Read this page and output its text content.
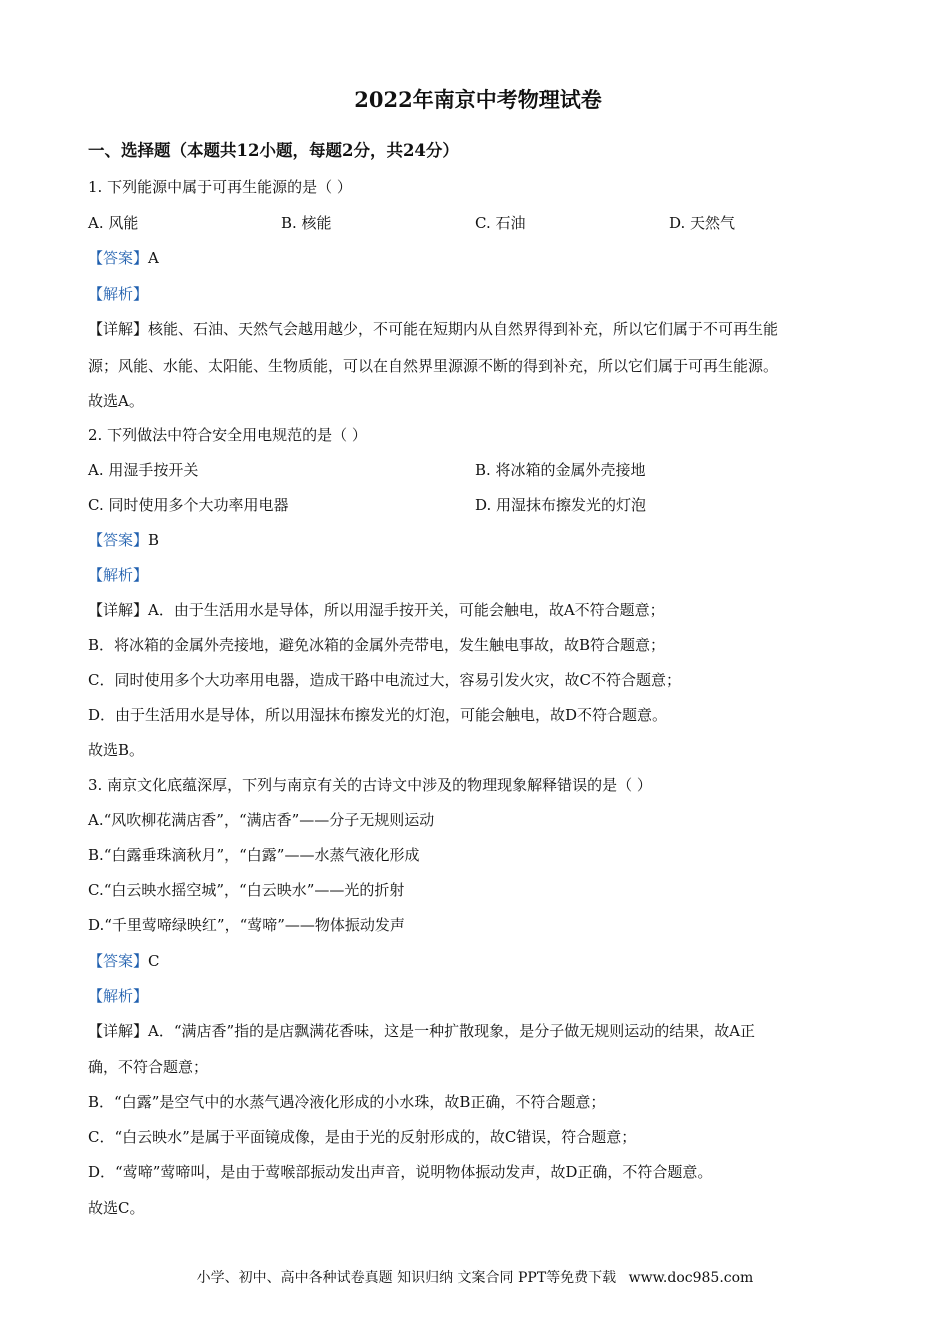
2022年南京中考物理试卷
一、选择题（本题共12小题，每题2分，共24分）
1. 下列能源中属于可再生能源的是（ ）
A. 风能	B. 核能	C. 石油	D. 天然气
【答案】A
【解析】
【详解】核能、石油、天然气会越用越少，不可能在短期内从自然界得到补充，所以它们属于不可再生能
源；风能、水能、太阳能、生物质能，可以在自然界里源源不断的得到补充，所以它们属于可再生能源。
故选A。
2. 下列做法中符合安全用电规范的是（ ）
A. 用湿手按开关	B. 将冰箱的金属外壳接地
C. 同时使用多个大功率用电器	D. 用湿抹布擦发光的灯泡
【答案】B
【解析】
【详解】A．由于生活用水是导体，所以用湿手按开关，可能会触电，故A不符合题意；
B．将冰箱的金属外壳接地，避免冰箱的金属外壳带电，发生触电事故，故B符合题意；
C．同时使用多个大功率用电器，造成干路中电流过大，容易引发火灾，故C不符合题意；
D．由于生活用水是导体，所以用湿抹布擦发光的灯泡，可能会触电，故D不符合题意。
故选B。
3. 南京文化底蕴深厚，下列与南京有关的古诗文中涉及的物理现象解释错误的是（ ）
A.“风吹柳花满店香”，“满店香”——分子无规则运动
B.“白露垂珠滴秋月”，“白露”——水蒸气液化形成
C.“白云映水摇空城”，“白云映水”——光的折射
D.“千里莺啼绿映红”，“莺啼”——物体振动发声
【答案】C
【解析】
【详解】A．“满店香”指的是店飘满花香味，这是一种扩散现象，是分子做无规则运动的结果，故A正
确，不符合题意；
B．“白露”是空气中的水蒸气遇冷液化形成的小水珠，故B正确，不符合题意；
C．“白云映水”是属于平面镜成像，是由于光的反射形成的，故C错误，符合题意；
D．“莺啼”莺啼叫，是由于莺喉部振动发出声音，说明物体振动发声，故D正确，不符合题意。
故选C。
小学、初中、高中各种试卷真题 知识归纳 文案合同 PPT等免费下载 www.doc985.com
